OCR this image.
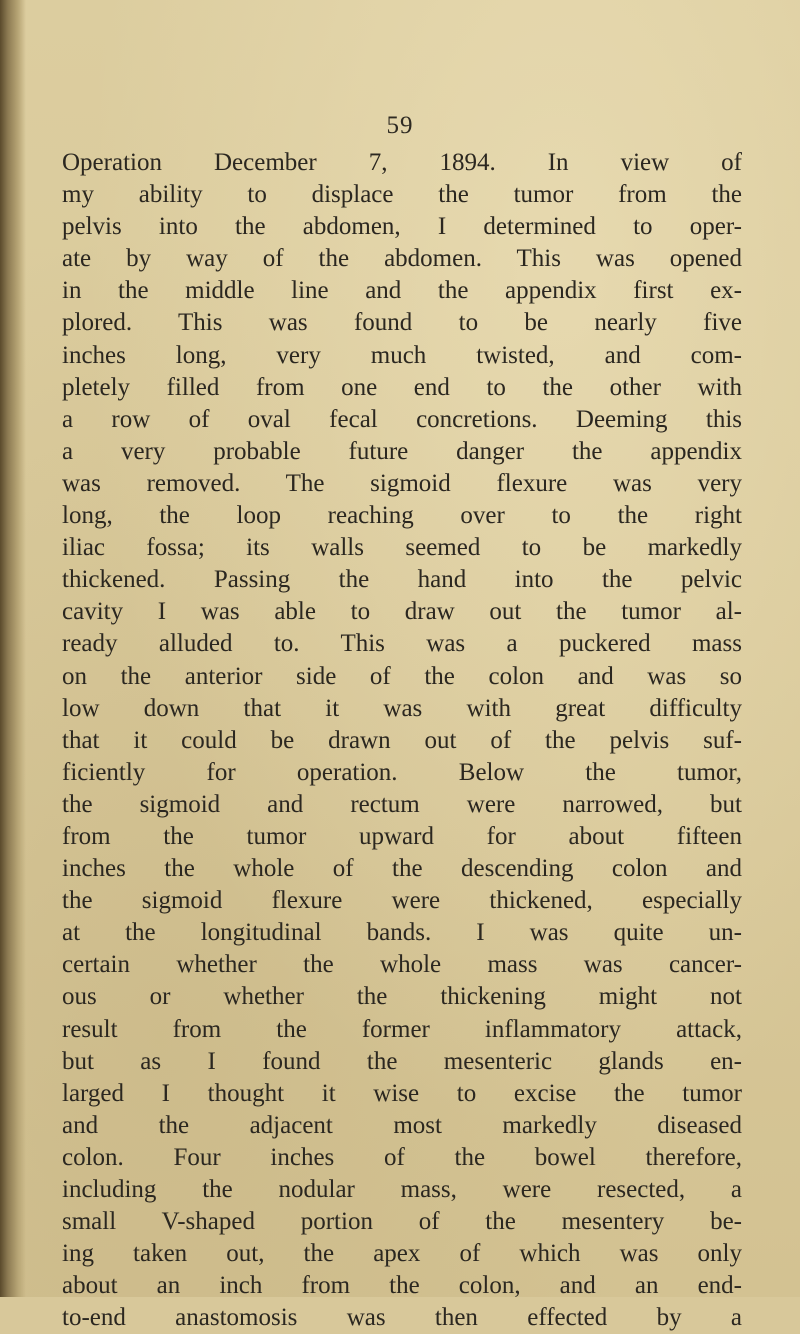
59
Operation December 7, 1894. In view of
my ability to displace the tumor from the
pelvis into the abdomen, I determined to oper-
ate by way of the abdomen. This was opened
in the middle line and the appendix first ex-
plored. This was found to be nearly five
inches long, very much twisted, and com-
pletely filled from one end to the other with
a row of oval fecal concretions. Deeming this
a very probable future danger the appendix
was removed. The sigmoid flexure was very
long, the loop reaching over to the right
iliac fossa; its walls seemed to be markedly
thickened. Passing the hand into the pelvic
cavity I was able to draw out the tumor al-
ready alluded to. This was a puckered mass
on the anterior side of the colon and was so
low down that it was with great difficulty
that it could be drawn out of the pelvis suf-
ficiently for operation. Below the tumor,
the sigmoid and rectum were narrowed, but
from the tumor upward for about fifteen
inches the whole of the descending colon and
the sigmoid flexure were thickened, especially
at the longitudinal bands. I was quite un-
certain whether the whole mass was cancer-
ous or whether the thickening might not
result from the former inflammatory attack,
but as I found the mesenteric glands en-
larged I thought it wise to excise the tumor
and the adjacent most markedly diseased
colon. Four inches of the bowel therefore,
including the nodular mass, were resected, a
small V-shaped portion of the mesentery be-
ing taken out, the apex of which was only
about an inch from the colon, and an end-
to-end anastomosis was then effected by a
